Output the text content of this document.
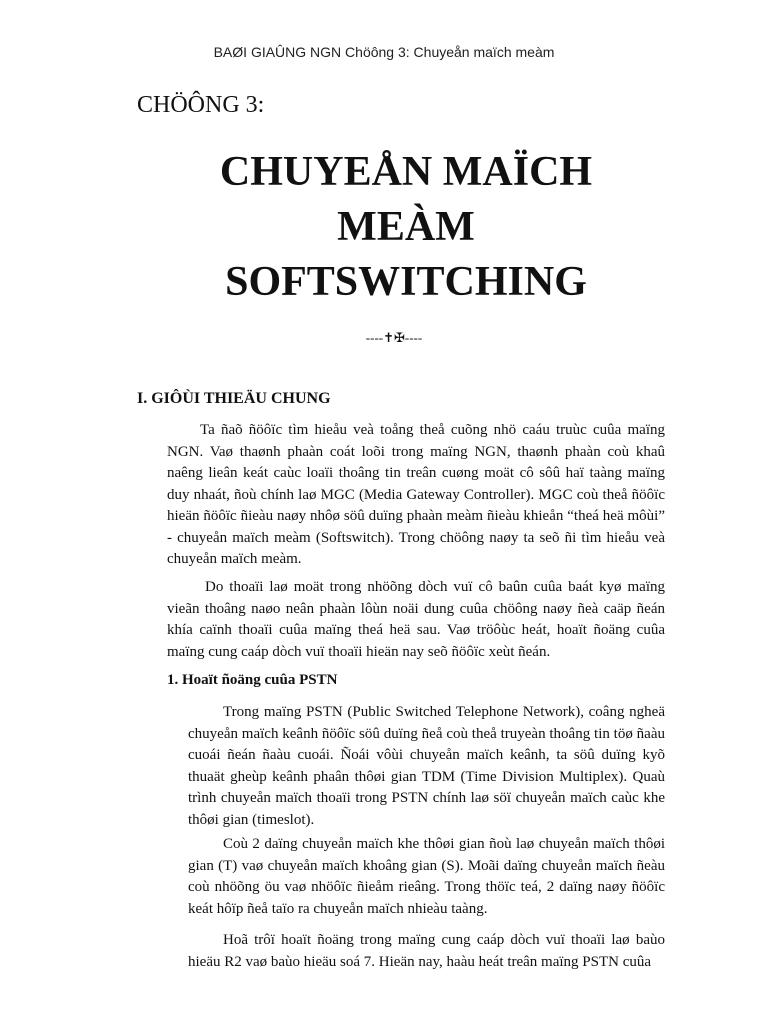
BAØI GIAÛNG NGN Chöông 3: Chuyeån maïch meàm
CHÖÔNG 3:
CHUYEÅN MAÏCH
MEÀM
SOFTSWITCHING
----✝✠----
I. GIÔÙI THIEÄU CHUNG

Ta ñaõ ñöôïc tìm hieåu veà toång theå cuõng nhö caáu truùc cuûa maïng NGN. Vaø thaønh phaàn coát loõi trong maïng NGN, thaønh phaàn coù khaû naêng lieân keát caùc loaïi thoâng tin treân cuøng moät cô sôû haï taàng maïng duy nhaát, ñoù chính laø MGC (Media Gateway Controller). MGC coù theå ñöôïc hieän ñöôïc ñieàu naøy nhôø söû duïng phaàn meàm ñieàu khieån “theá heä môùi” - chuyeån maïch meàm (Softswitch). Trong chöông naøy ta seõ ñi tìm hieåu veà chuyeån maïch meàm.

Do thoaïi laø moät trong nhöõng dòch vuï cô baûn cuûa baát kyø maïng vieãn thoâng naøo neân phaàn lôùn noäi dung cuûa chöông naøy ñeà caäp ñeán khía caïnh thoaïi cuûa maïng theá heä sau. Vaø tröôùc heát, hoaït ñoäng cuûa maïng cung caáp dòch vuï thoaïi hieän nay seõ ñöôïc xeùt ñeán.

1. Hoaït ñoäng cuûa PSTN

Trong maïng PSTN (Public Switched Telephone Network), coâng ngheä chuyeån maïch keânh ñöôïc söû duïng ñeå coù theå truyeàn thoâng tin töø ñaàu cuoái ñeán ñaàu cuoái. Ñoái vôùi chuyeån maïch keânh, ta söû duïng kyõ thuaät gheùp keânh phaân thôøi gian TDM (Time Division Multiplex). Quaù trình chuyeån maïch thoaïi trong PSTN chính laø söï chuyeån maïch caùc khe thôøi gian (timeslot).

Coù 2 daïng chuyeån maïch khe thôøi gian ñoù laø chuyeån maïch thôøi gian (T) vaø chuyeån maïch khoâng gian (S). Moãi daïng chuyeån maïch ñeàu coù nhöõng öu vaø nhöôïc ñieåm rieâng. Trong thöïc teá, 2 daïng naøy ñöôïc keát hôïp ñeå taïo ra chuyeån maïch nhieàu taàng.

Hoã trôï hoaït ñoäng trong maïng cung caáp dòch vuï thoaïi laø baùo hieäu R2 vaø baùo hieäu soá 7. Hieän nay, haàu heát treân maïng PSTN cuûa
